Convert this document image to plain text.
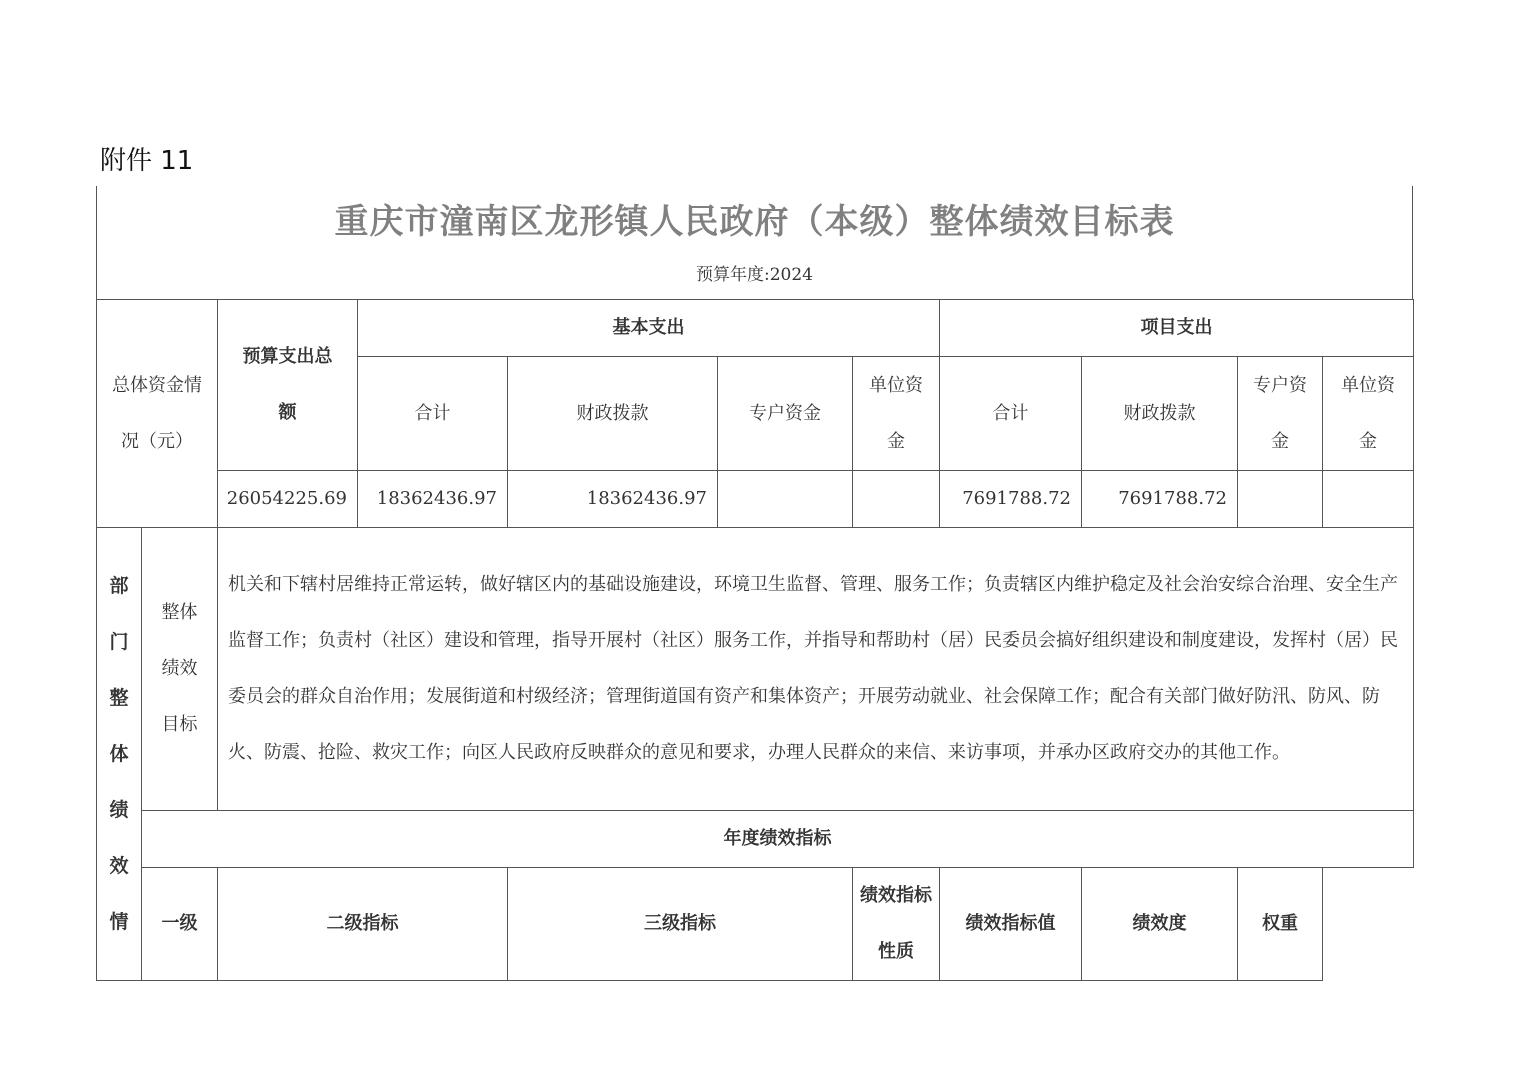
附件 11
重庆市潼南区龙形镇人民政府（本级）整体绩效目标表
预算年度:2024
总体资金情况（元）		预算支出总额	基本支出				项目支出			
			合计	财政拨款	专户资金	单位资金	合计	财政拨款	专户资金	单位资金
		26054225.69	18362436.97	18362436.97			7691788.72	7691788.72		
部门整体绩效情	整体绩效目标	机关和下辖村居维持正常运转，做好辖区内的基础设施建设，环境卫生监督、管理、服务工作；负责辖区内维护稳定及社会治安综合治理、安全生产监督工作；负责村（社区）建设和管理，指导开展村（社区）服务工作，并指导和帮助村（居）民委员会搞好组织建设和制度建设，发挥村（居）民委员会的群众自治作用；发展街道和村级经济；管理街道国有资产和集体资产；开展劳动就业、社会保障工作；配合有关部门做好防汛、防风、防火、防震、抢险、救灾工作；向区人民政府反映群众的意见和要求，办理人民群众的来信、来访事项，并承办区政府交办的其他工作。								
	年度绩效指标									
	一级	二级指标		三级指标		绩效指标性质	绩效指标值	绩效度	权重	
